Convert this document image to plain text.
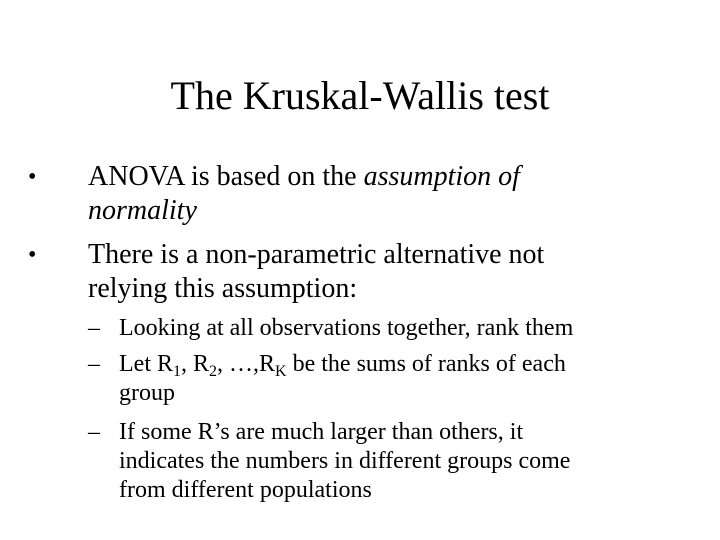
The Kruskal-Wallis test
• ANOVA is based on the assumption of
normality
• There is a non-parametric alternative not
relying this assumption:
– Looking at all observations together, rank them
– Let $R_1$, $R_2$, $\dots,R_K$ be the sums of ranks of each
group
– If some R’s are much larger than others, it
indicates the numbers in different groups come
from different populations
